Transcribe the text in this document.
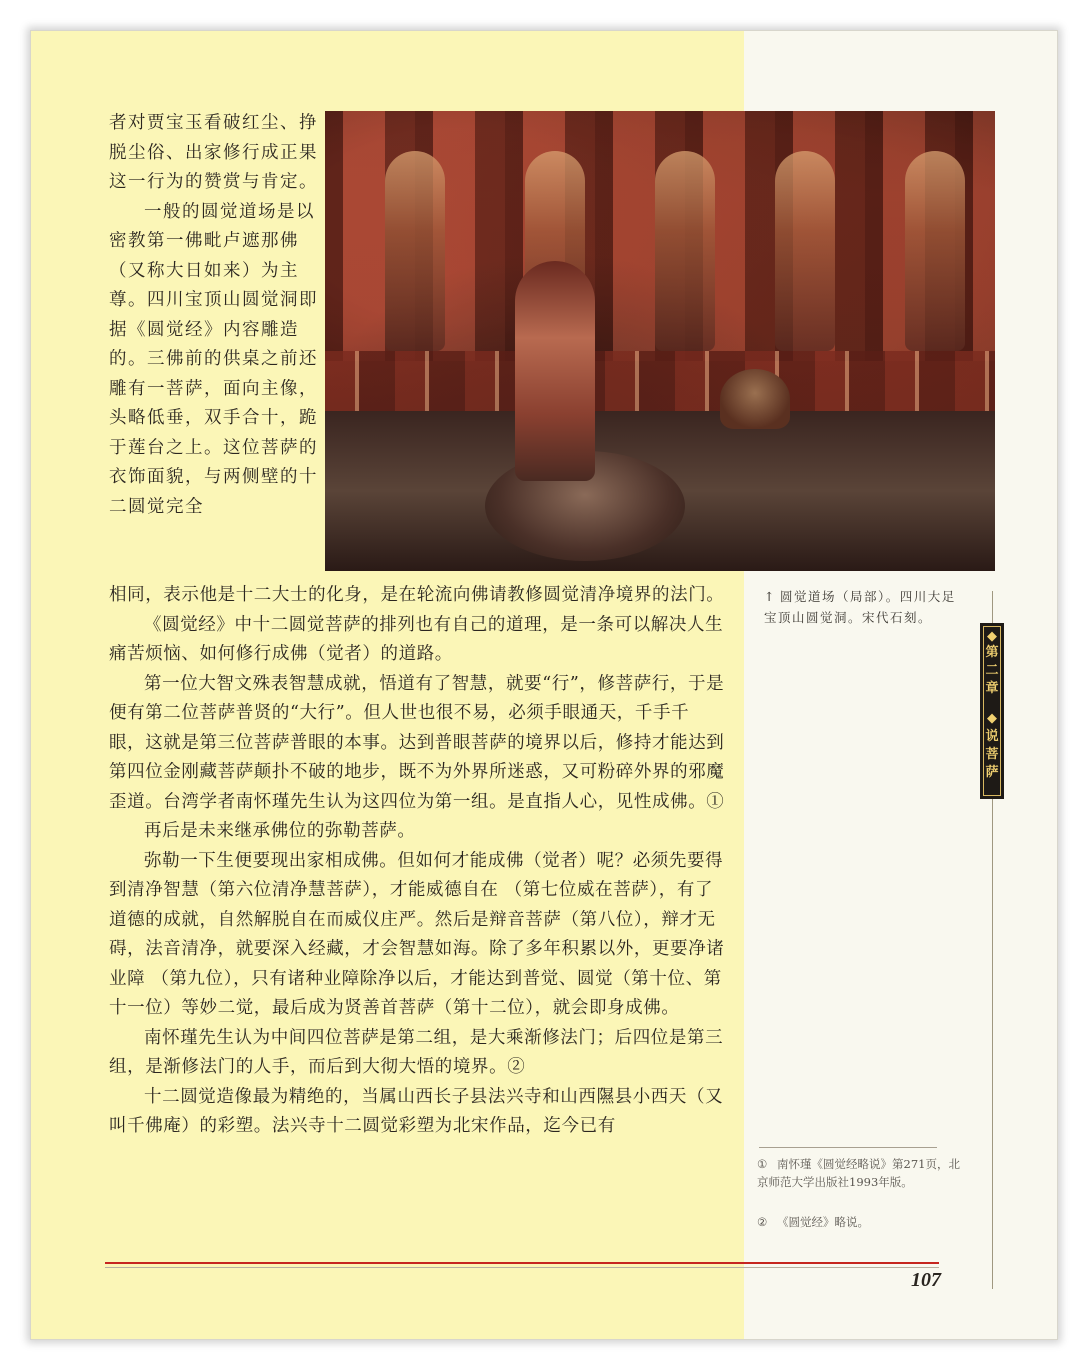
者对贾宝玉看破红尘、挣脱尘俗、出家修行成正果这一行为的赞赏与肯定。

一般的圆觉道场是以密教第一佛毗卢遮那佛（又称大日如来）为主尊。四川宝顶山圆觉洞即据《圆觉经》内容雕造的。三佛前的供桌之前还雕有一菩萨，面向主像，头略低垂，双手合十，跪于莲台之上。这位菩萨的衣饰面貌，与两侧壁的十二圆觉完全

相同，表示他是十二大士的化身，是在轮流向佛请教修圆觉清净境界的法门。

《圆觉经》中十二圆觉菩萨的排列也有自己的道理，是一条可以解决人生痛苦烦恼、如何修行成佛（觉者）的道路。

第一位大智文殊表智慧成就，悟道有了智慧，就要“行”，修菩萨行，于是便有第二位菩萨普贤的“大行”。但人世也很不易，必须手眼通天，千手千眼，这就是第三位菩萨普眼的本事。达到普眼菩萨的境界以后，修持才能达到第四位金刚藏菩萨颠扑不破的地步，既不为外界所迷惑，又可粉碎外界的邪魔歪道。台湾学者南怀瑾先生认为这四位为第一组。是直指人心，见性成佛。①

再后是未来继承佛位的弥勒菩萨。

弥勒一下生便要现出家相成佛。但如何才能成佛（觉者）呢？必须先要得到清净智慧（第六位清净慧菩萨），才能威德自在 （第七位威在菩萨），有了道德的成就，自然解脱自在而威仪庄严。然后是辩音菩萨（第八位），辩才无碍，法音清净，就要深入经藏，才会智慧如海。除了多年积累以外，更要净诸业障 （第九位），只有诸种业障除净以后，才能达到普觉、圆觉（第十位、第十一位）等妙二觉，最后成为贤善首菩萨（第十二位），就会即身成佛。

南怀瑾先生认为中间四位菩萨是第二组，是大乘渐修法门；后四位是第三组，是渐修法门的人手，而后到大彻大悟的境界。②

十二圆觉造像最为精绝的，当属山西长子县法兴寺和山西隰县小西天（又叫千佛庵）的彩塑。法兴寺十二圆觉彩塑为北宋作品，迄今已有

↑ 圆觉道场（局部）。四川大足宝顶山圆觉洞。宋代石刻。
◆
第
二
章
◆
说
菩
萨
① 南怀瑾《圆觉经略说》第271页，北京师范大学出版社1993年版。
② 《圆觉经》略说。
107
